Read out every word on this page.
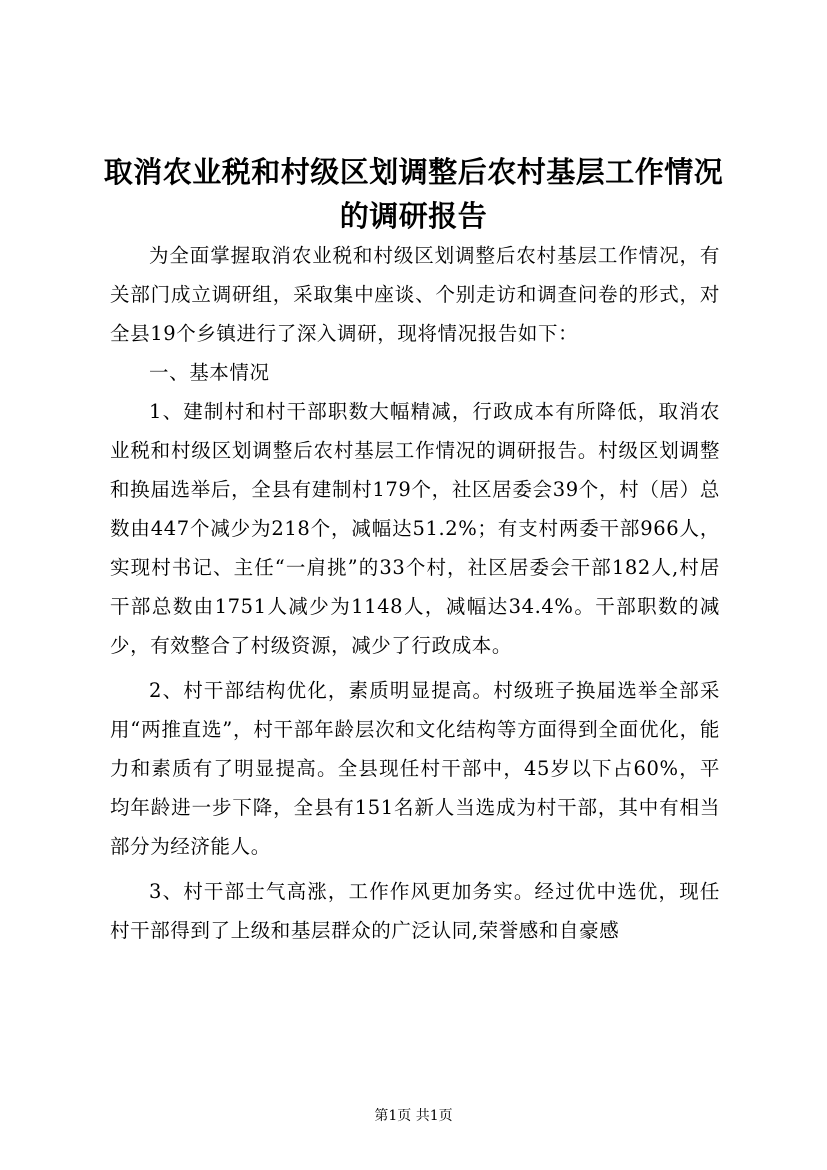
取消农业税和村级区划调整后农村基层工作情况的调研报告

为全面掌握取消农业税和村级区划调整后农村基层工作情况，有关部门成立调研组，采取集中座谈、个别走访和调查问卷的形式，对全县19个乡镇进行了深入调研，现将情况报告如下：

一、基本情况

1、建制村和村干部职数大幅精减，行政成本有所降低，取消农业税和村级区划调整后农村基层工作情况的调研报告。村级区划调整和换届选举后，全县有建制村179个，社区居委会39个，村（居）总数由447个减少为218个，减幅达51.2%；有支村两委干部966人，实现村书记、主任“一肩挑”的33个村，社区居委会干部182人,村居干部总数由1751人减少为1148人，减幅达34.4%。干部职数的减少，有效整合了村级资源，减少了行政成本。

2、村干部结构优化，素质明显提高。村级班子换届选举全部采用“两推直选”，村干部年龄层次和文化结构等方面得到全面优化，能力和素质有了明显提高。全县现任村干部中，45岁以下占60%，平均年龄进一步下降，全县有151名新人当选成为村干部，其中有相当部分为经济能人。

3、村干部士气高涨，工作作风更加务实。经过优中选优，现任村干部得到了上级和基层群众的广泛认同,荣誉感和自豪感

第1页 共1页
